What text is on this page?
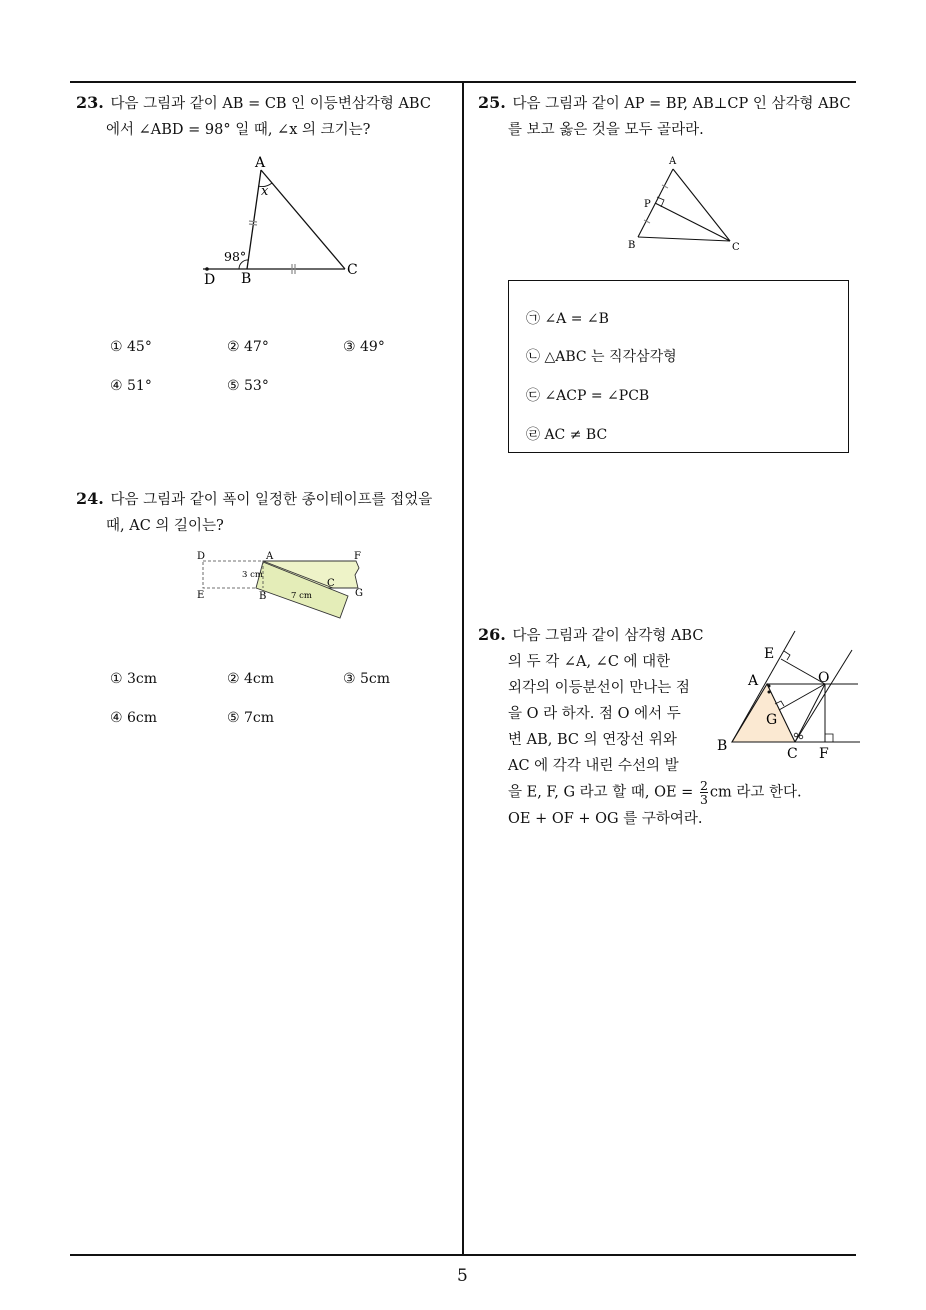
23. 다음 그림과 같이 AB = CB 인 이등변삼각형 ABC
에서 ∠ABD = 98° 일 때, ∠x 의 크기는?
A
x
98°
D B
C
① 45°	② 47°	③ 49°
④ 51°	⑤ 53°
24. 다음 그림과 같이 폭이 일정한 종이테이프를 접었을
때, AC 의 길이는?
D	A	F
E	B
C
G
3 cm
7 cm
① 3cm	② 4cm	③ 5cm
④ 6cm	⑤ 7cm
25. 다음 그림과 같이 AP = BP, AB⊥CP 인 삼각형 ABC
를 보고 옳은 것을 모두 골라라.
A
P
B	C
㉠ ∠A = ∠B
㉡ △ABC 는 직각삼각형
㉢ ∠ACP = ∠PCB
㉣ AC ≠ BC
26. 다음 그림과 같이 삼각형 ABC
의 두 각 ∠A, ∠C 에 대한
외각의 이등분선이 만나는 점
을 O 라 하자. 점 O 에서 두
변 AB, BC 의 연장선 위와
AC 에 각각 내린 수선의 발
을 E, F, G 라고 할 때, OE = $\frac{2}{3}$ cm 라고 한다.
OE + OF + OG 를 구하여라.
E
A	O
G
B	C F
5
